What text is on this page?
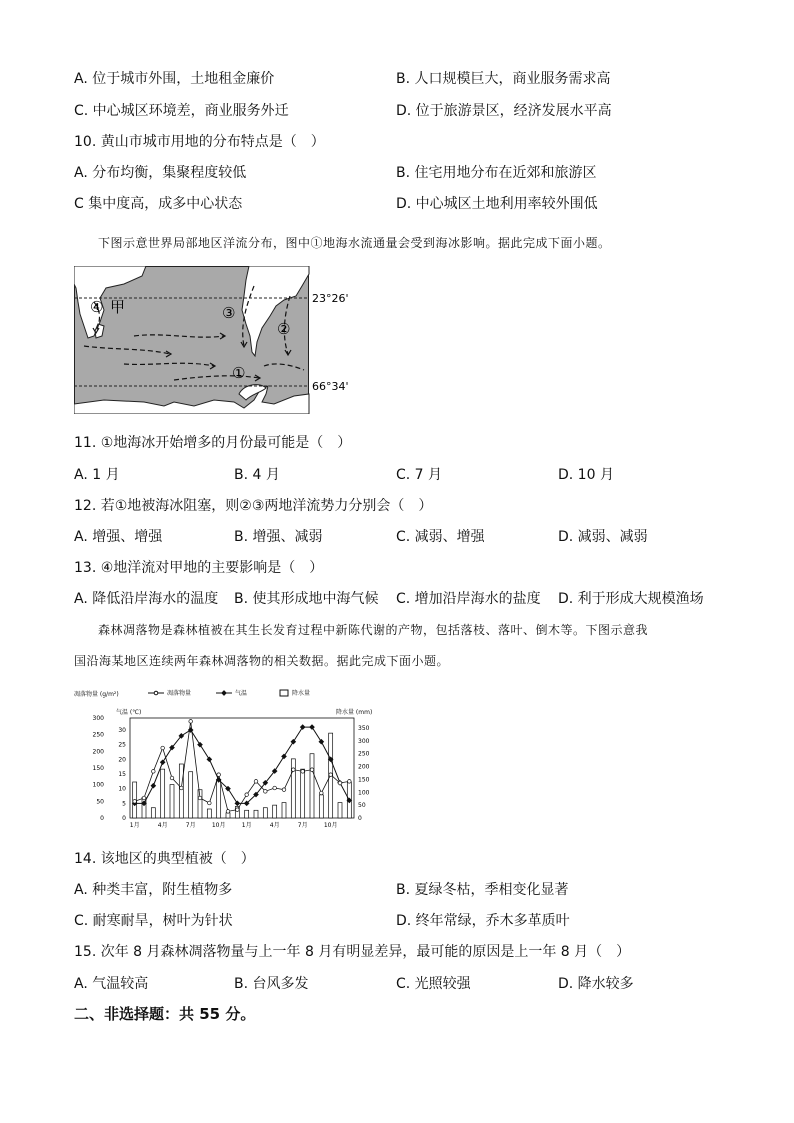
A. 位于城市外围，土地租金廉价	B. 人口规模巨大，商业服务需求高
C. 中心城区环境差，商业服务外迁	D. 位于旅游景区，经济发展水平高
10. 黄山市城市用地的分布特点是（　）
A. 分布均衡，集聚程度较低	B. 住宅用地分布在近郊和旅游区
C 集中度高，成多中心状态	D. 中心城区土地利用率较外围低
下图示意世界局部地区洋流分布，图中①地海水流通量会受到海冰影响。据此完成下面小题。
23°26'
66°34'
④ 甲	③
②
①
11. ①地海冰开始增多的月份最可能是（　）
A. 1 月	B. 4 月	C. 7 月	D. 10 月
12. 若①地被海冰阻塞，则②③两地洋流势力分别会（　）
A. 增强、增强	B. 增强、减弱	C. 减弱、增强	D. 减弱、减弱
13. ④地洋流对甲地的主要影响是（　）
A. 降低沿岸海水的温度 B. 使其形成地中海气候 C. 增加沿岸海水的盐度 D. 利于形成大规模渔场
森林凋落物是森林植被在其生长发育过程中新陈代谢的产物，包括落枝、落叶、倒木等。下图示意我
国沿海某地区连续两年森林凋落物的相关数据。据此完成下面小题。
凋落物量 (g/m²)
气温 (℃)	降水量 (mm)
凋落物量	气温	降水量
300
250
200
150
100
50
0
30
25
20
15
10
5
0
350
300
250
200
150
100
50
0
1月	4月	7月	10月	1月	4月	7月	10月
14. 该地区的典型植被（　）
A. 种类丰富，附生植物多	B. 夏绿冬枯，季相变化显著
C. 耐寒耐旱，树叶为针状	D. 终年常绿，乔木多革质叶
15. 次年 8 月森林凋落物量与上一年 8 月有明显差异，最可能的原因是上一年 8 月（　）
A. 气温较高	B. 台风多发	C. 光照较强	D. 降水较多
二、非选择题：共 55 分。
